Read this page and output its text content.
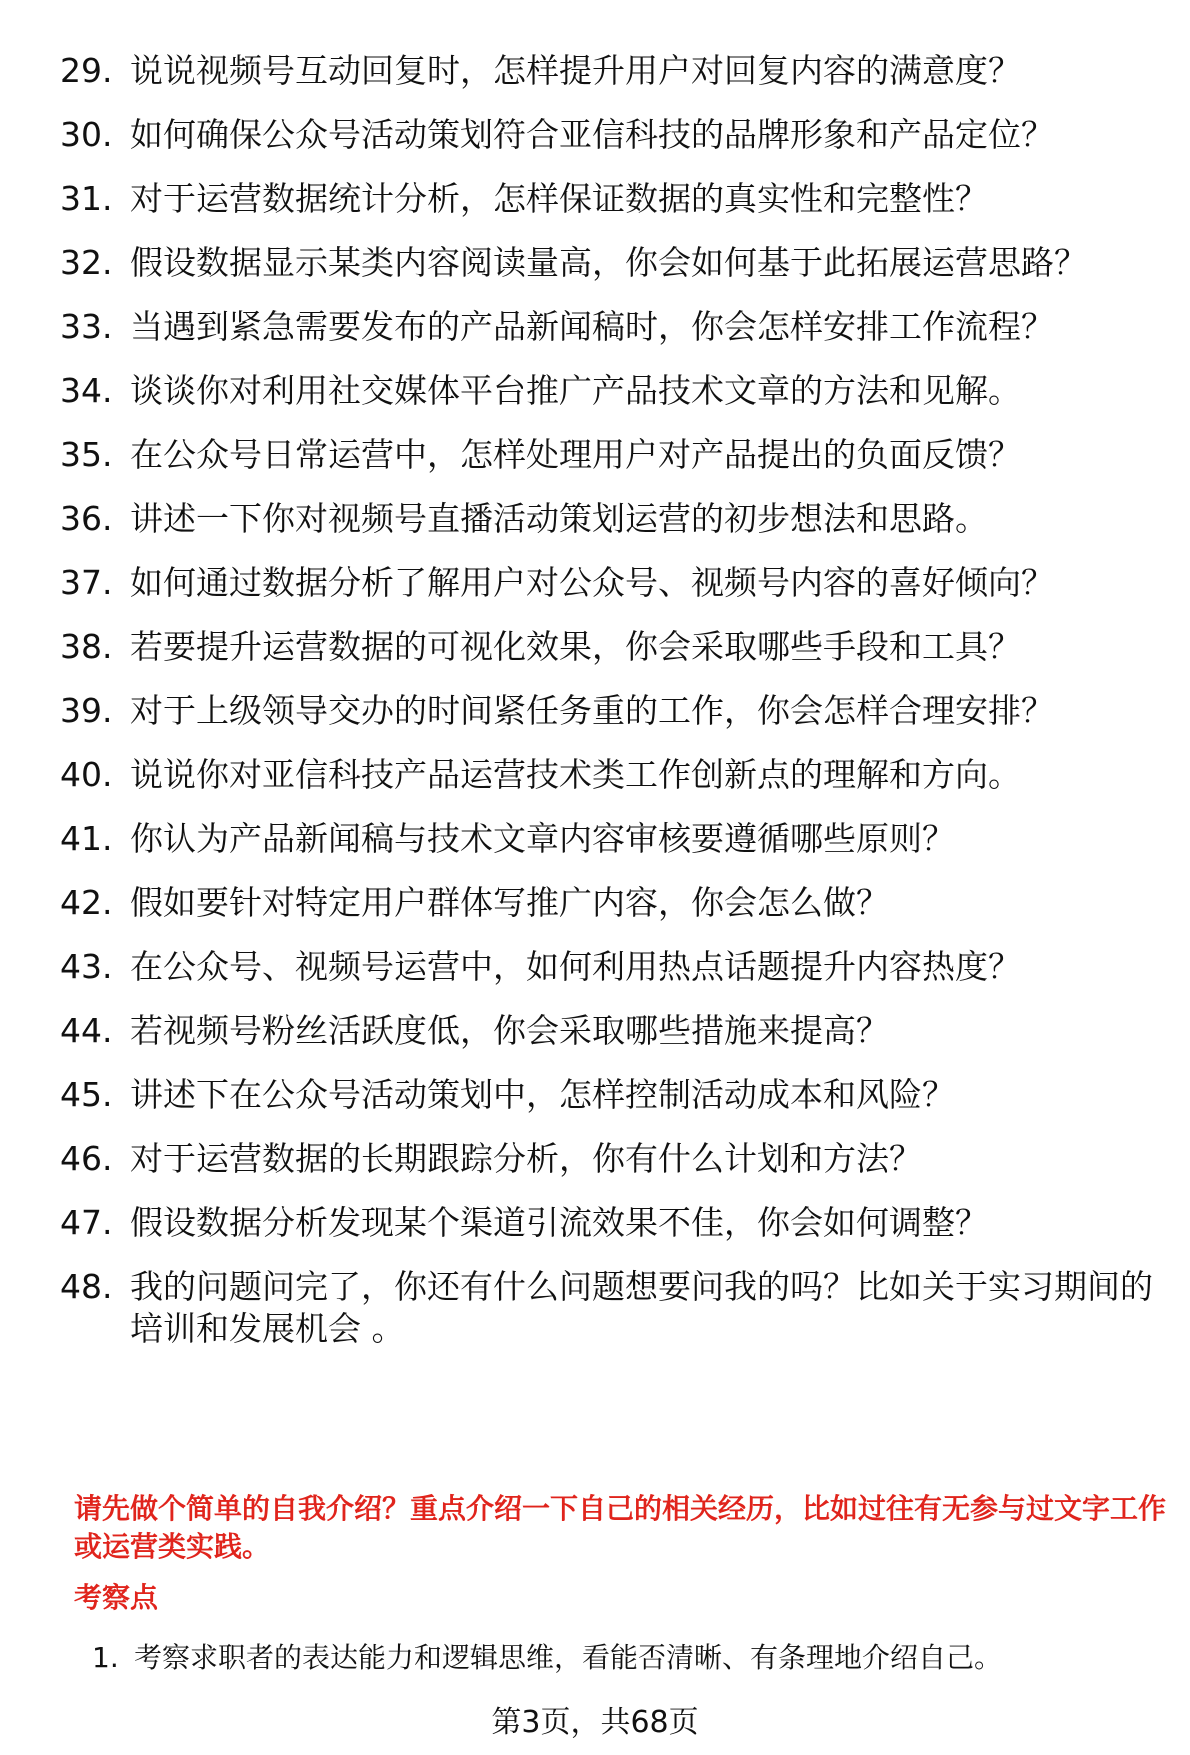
29. 说说视频号互动回复时，怎样提升用户对回复内容的满意度？
30. 如何确保公众号活动策划符合亚信科技的品牌形象和产品定位？
31. 对于运营数据统计分析，怎样保证数据的真实性和完整性？
32. 假设数据显示某类内容阅读量高，你会如何基于此拓展运营思路？
33. 当遇到紧急需要发布的产品新闻稿时，你会怎样安排工作流程？
34. 谈谈你对利用社交媒体平台推广产品技术文章的方法和见解。
35. 在公众号日常运营中，怎样处理用户对产品提出的负面反馈？
36. 讲述一下你对视频号直播活动策划运营的初步想法和思路。
37. 如何通过数据分析了解用户对公众号、视频号内容的喜好倾向？
38. 若要提升运营数据的可视化效果，你会采取哪些手段和工具？
39. 对于上级领导交办的时间紧任务重的工作，你会怎样合理安排？
40. 说说你对亚信科技产品运营技术类工作创新点的理解和方向。
41. 你认为产品新闻稿与技术文章内容审核要遵循哪些原则？
42. 假如要针对特定用户群体写推广内容，你会怎么做？
43. 在公众号、视频号运营中，如何利用热点话题提升内容热度？
44. 若视频号粉丝活跃度低，你会采取哪些措施来提高？
45. 讲述下在公众号活动策划中，怎样控制活动成本和风险？
46. 对于运营数据的长期跟踪分析，你有什么计划和方法？
47. 假设数据分析发现某个渠道引流效果不佳，你会如何调整？
48. 我的问题问完了，你还有什么问题想要问我的吗？比如关于实习期间的培训和发展机会 。
请先做个简单的自我介绍？重点介绍一下自己的相关经历，比如过往有无参与过文字工作或运营类实践。
考察点
1. 考察求职者的表达能力和逻辑思维，看能否清晰、有条理地介绍自己。
第3页，共68页
